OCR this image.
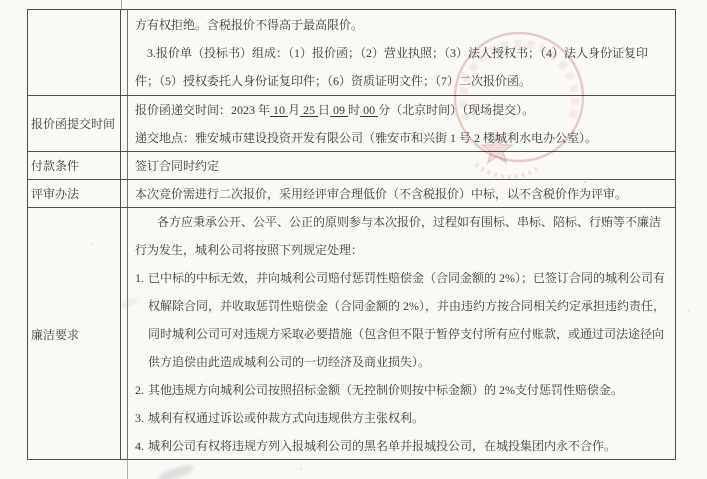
方有权拒绝。含税报价不得高于最高限价。

3.报价单（投标书）组成：（1）报价函；（2）营业执照；（3）法人授权书；（4）法人身份证复印件；（5）授权委托人身份证复印件；（6）资质证明文件；（7）二次报价函。

报价函提交时间

报价函递交时间：2023 年 10 月 25 日 09 时 00 分（北京时间）（现场提交）。

递交地点：雅安城市建设投资开发有限公司（雅安市和兴街 1 号 2 楼城利水电办公室）。

付款条件	签订合同时约定

评审办法	本次竞价需进行二次报价，采用经评审合理低价（不含税报价）中标，以不含税价作为评审。

廉洁要求

各方应秉承公开、公平、公正的原则参与本次报价，过程如有围标、串标、陪标、行贿等不廉洁行为发生，城利公司将按照下列规定处理：

1. 已中标的中标无效，并向城利公司赔付惩罚性赔偿金（合同金额的 2%）；已签订合同的城利公司有权解除合同，并收取惩罚性赔偿金（合同金额的 2%），并由违约方按合同相关约定承担违约责任，同时城利公司可对违规方采取必要措施（包含但不限于暂停支付所有应付账款，或通过司法途径向供方追偿由此造成城利公司的一切经济及商业损失）。
2. 其他违规方向城利公司按照招标金额（无控制价则按中标金额）的 2%支付惩罚性赔偿金。
3. 城利有权通过诉讼或仲裁方式向违规供方主张权利。
4. 城利公司有权将违规方列入报城利公司的黑名单并报城投公司，在城投集团内永不合作。
